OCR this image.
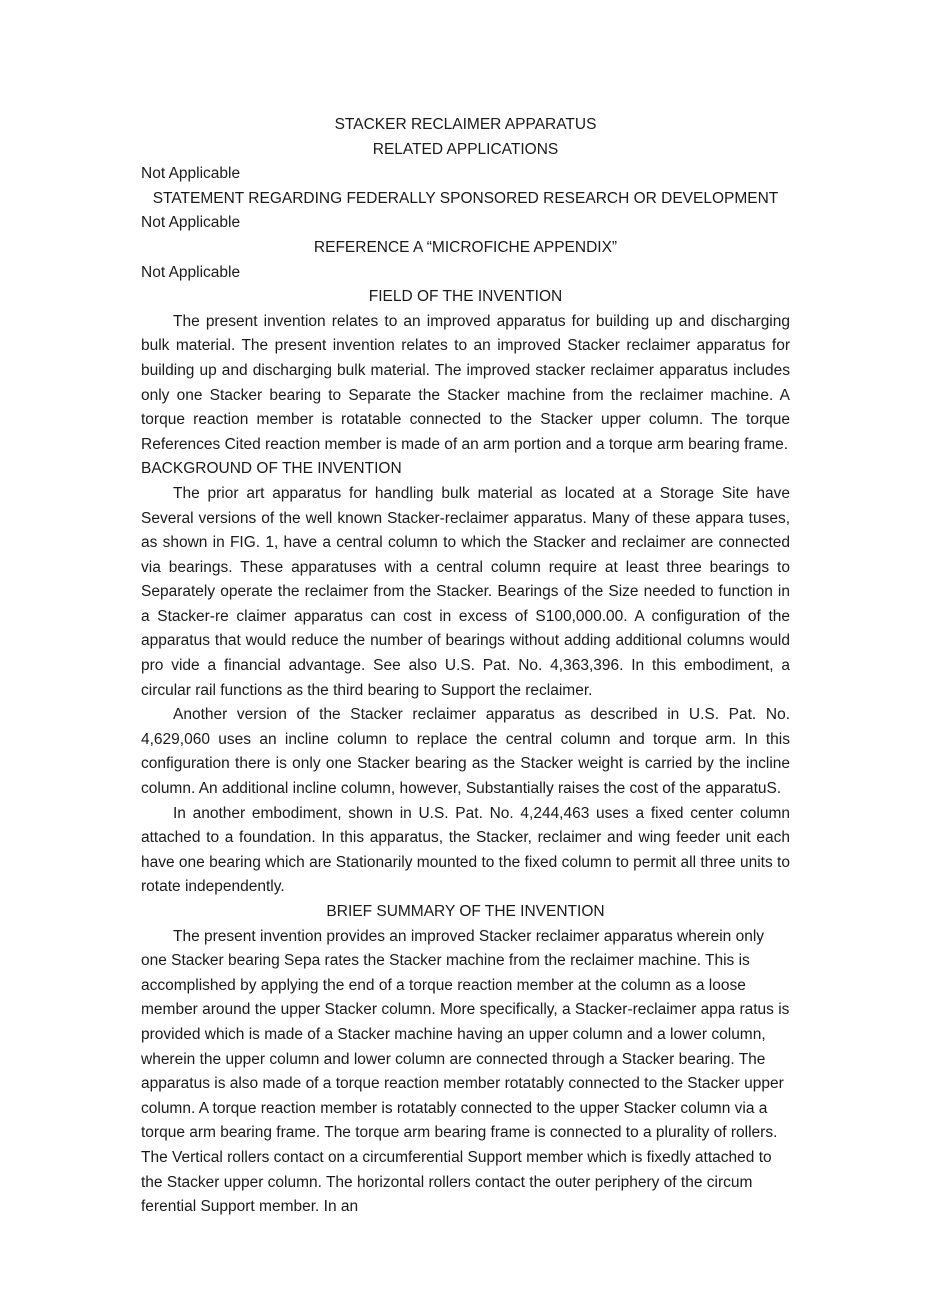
STACKER RECLAIMER APPARATUS

RELATED APPLICATIONS

Not Applicable

STATEMENT REGARDING FEDERALLY SPONSORED RESEARCH OR DEVELOPMENT

Not Applicable

REFERENCE A “MICROFICHE APPENDIX”

Not Applicable

FIELD OF THE INVENTION

The present invention relates to an improved apparatus for building up and discharging bulk material. The present invention relates to an improved Stacker reclaimer apparatus for building up and discharging bulk material. The improved stacker reclaimer apparatus includes only one Stacker bearing to Separate the Stacker machine from the reclaimer machine. A torque reaction member is rotatable connected to the Stacker upper column. The torque References Cited reaction member is made of an arm portion and a torque arm bearing frame.

BACKGROUND OF THE INVENTION

The prior art apparatus for handling bulk material as located at a Storage Site have Several versions of the well known Stacker-reclaimer apparatus. Many of these appara tuses, as shown in FIG. 1, have a central column to which the Stacker and reclaimer are connected via bearings. These apparatuses with a central column require at least three bearings to Separately operate the reclaimer from the Stacker. Bearings of the Size needed to function in a Stacker-re claimer apparatus can cost in excess of S100,000.00. A configuration of the apparatus that would reduce the number of bearings without adding additional columns would pro vide a financial advantage. See also U.S. Pat. No. 4,363,396. In this embodiment, a circular rail functions as the third bearing to Support the reclaimer.

Another version of the Stacker reclaimer apparatus as described in U.S. Pat. No. 4,629,060 uses an incline column to replace the central column and torque arm. In this configuration there is only one Stacker bearing as the Stacker weight is carried by the incline column. An additional incline column, however, Substantially raises the cost of the apparatuS.

In another embodiment, shown in U.S. Pat. No. 4,244,463 uses a fixed center column attached to a foundation. In this apparatus, the Stacker, reclaimer and wing feeder unit each have one bearing which are Stationarily mounted to the fixed column to permit all three units to rotate independently.

BRIEF SUMMARY OF THE INVENTION

The present invention provides an improved Stacker reclaimer apparatus wherein only one Stacker bearing Sepa rates the Stacker machine from the reclaimer machine. This is accomplished by applying the end of a torque reaction member at the column as a loose member around the upper Stacker column. More specifically, a Stacker-reclaimer appa ratus is provided which is made of a Stacker machine having an upper column and a lower column, wherein the upper column and lower column are connected through a Stacker bearing. The apparatus is also made of a torque reaction member rotatably connected to the Stacker upper column. A torque reaction member is rotatably connected to the upper Stacker column via a torque arm bearing frame. The torque arm bearing frame is connected to a plurality of rollers. The Vertical rollers contact on a circumferential Support member which is fixedly attached to the Stacker upper column. The horizontal rollers contact the outer periphery of the circum ferential Support member. In an
